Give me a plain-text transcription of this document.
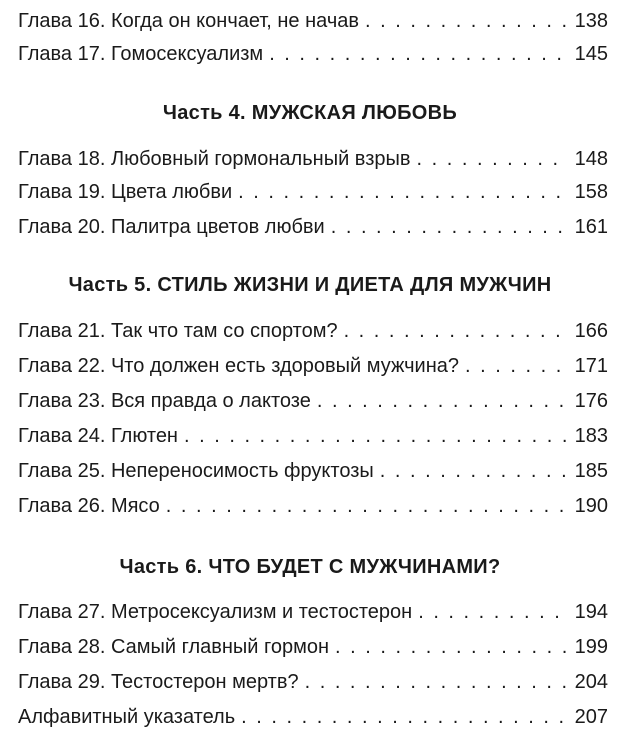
Глава 16. Когда он кончает, не начав . . .	138
Глава 17. Гомосексуализм . . .	145
Часть 4. МУЖСКАЯ ЛЮБОВЬ
Глава 18. Любовный гормональный взрыв . . .	148
Глава 19. Цвета любви . . .	158
Глава 20. Палитра цветов любви . . .	161
Часть 5. СТИЛЬ ЖИЗНИ И ДИЕТА ДЛЯ МУЖЧИН
Глава 21. Так что там со спортом? . . .	166
Глава 22. Что должен есть здоровый мужчина? . . .	171
Глава 23. Вся правда о лактозе . . .	176
Глава 24. Глютен . . .	183
Глава 25. Непереносимость фруктозы . . .	185
Глава 26. Мясо . . .	190
Часть 6. ЧТО БУДЕТ С МУЖЧИНАМИ?
Глава 27. Метросексуализм и тестостерон . . .	194
Глава 28. Самый главный гормон . . .	199
Глава 29. Тестостерон мертв? . . .	204
Алфавитный указатель . . .	207
